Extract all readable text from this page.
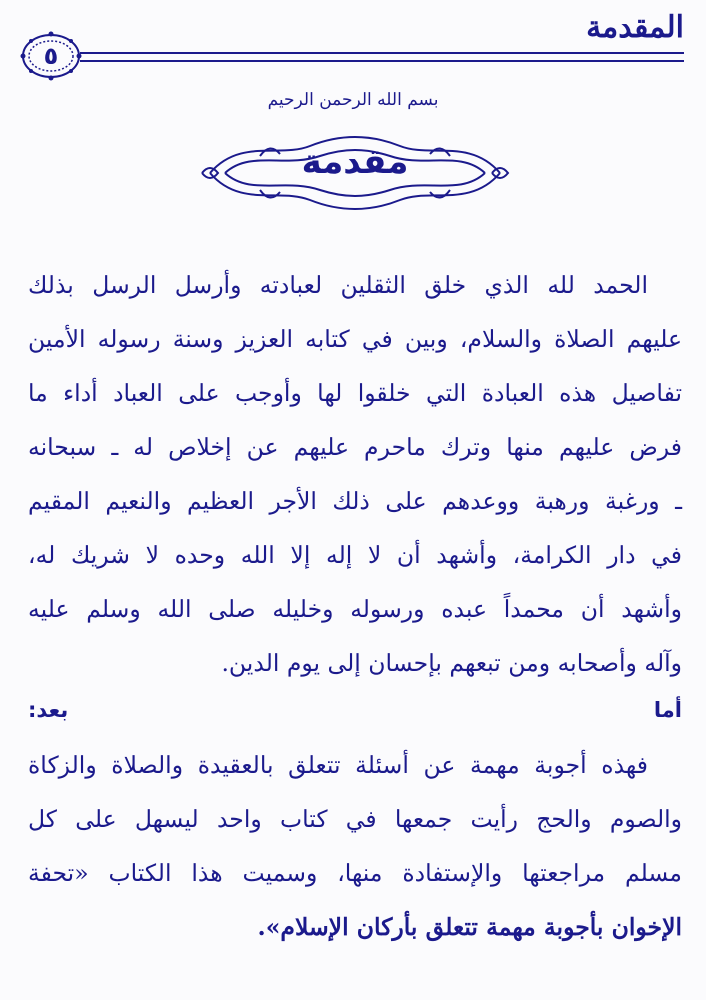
المقدمة
٥
بسم الله الرحمن الرحيم
مقدمة
الحمد لله الذي خلق الثقلين لعبادته وأرسل الرسل بذلك
عليهم الصلاة والسلام، وبين في كتابه العزيز وسنة رسوله الأمين
تفاصيل هذه العبادة التي خلقوا لها وأوجب على العباد أداء ما
فرض عليهم منها وترك ماحرم عليهم عن إخلاص له ـ سبحانه
ـ ورغبة ورهبة ووعدهم على ذلك الأجر العظيم والنعيم المقيم
في دار الكرامة، وأشهد أن لا إله إلا الله وحده لا شريك له،
وأشهد أن محمداً عبده ورسوله وخليله صلى الله وسلم عليه
وآله وأصحابه ومن تبعهم بإحسان إلى يوم الدين.
أما بعد:
فهذه أجوبة مهمة عن أسئلة تتعلق بالعقيدة والصلاة والزكاة
والصوم والحج رأيت جمعها في كتاب واحد ليسهل على كل
مسلم مراجعتها والإستفادة منها، وسميت هذا الكتاب «تحفة
الإخوان بأجوبة مهمة تتعلق بأركان الإسلام».
